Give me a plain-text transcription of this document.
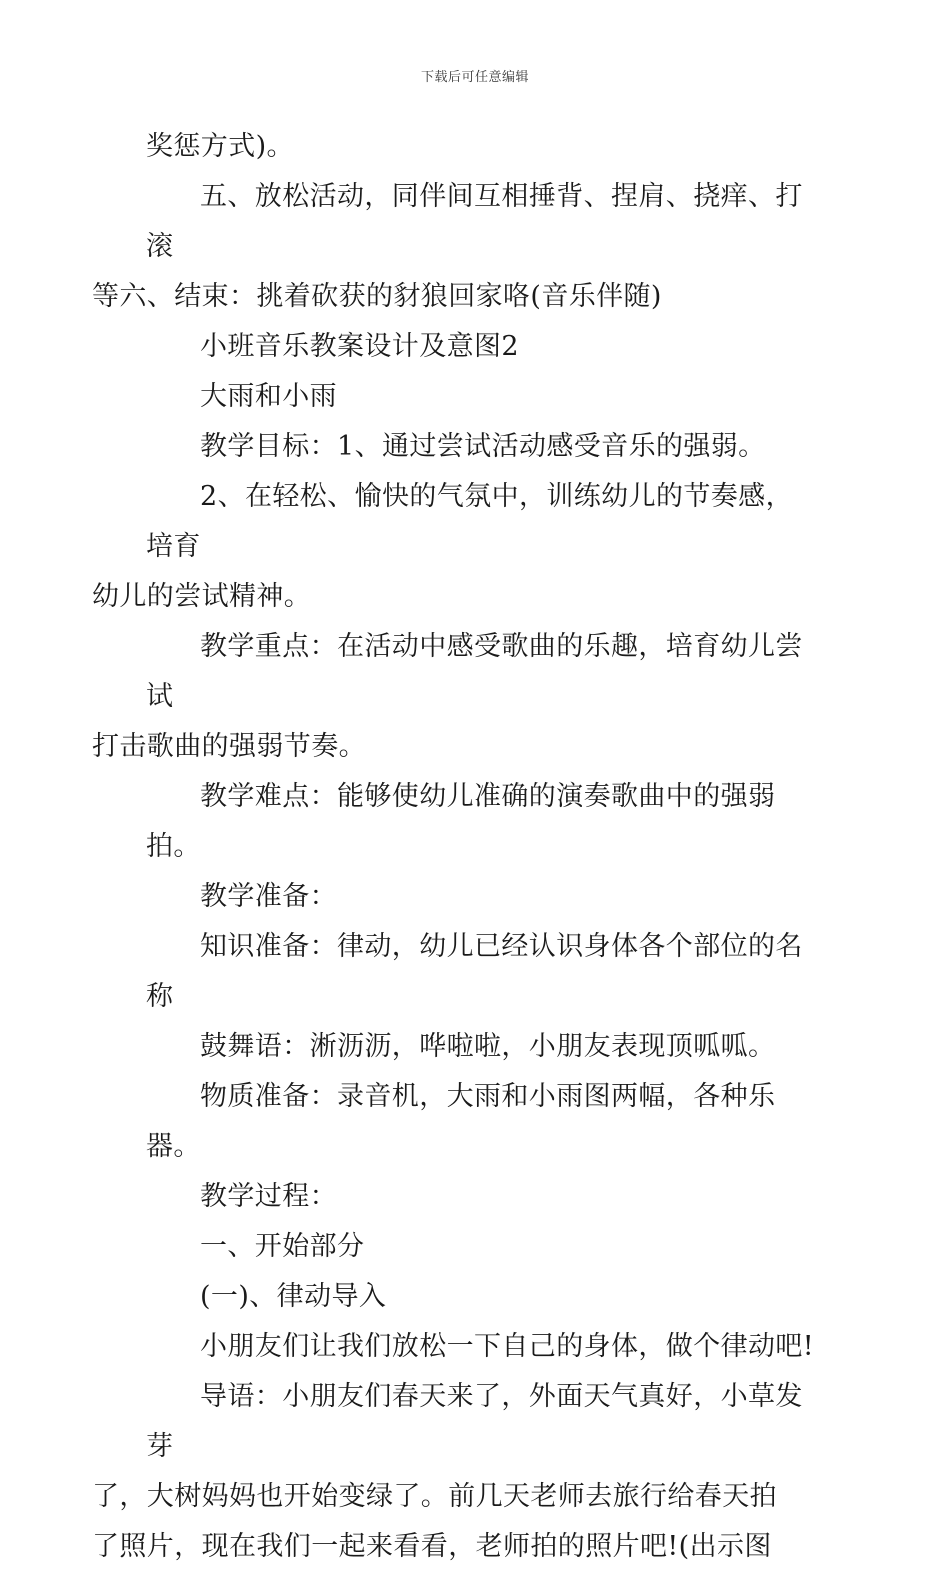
下载后可任意编辑

奖惩方式)。

五、放松活动，同伴间互相捶背、捏肩、挠痒、打滚
等六、结束：挑着砍获的豺狼回家咯(音乐伴随)

小班音乐教案设计及意图2

大雨和小雨

教学目标：1、通过尝试活动感受音乐的强弱。

2、在轻松、愉快的气氛中，训练幼儿的节奏感，培育
幼儿的尝试精神。

教学重点：在活动中感受歌曲的乐趣，培育幼儿尝试
打击歌曲的强弱节奏。

教学难点：能够使幼儿准确的演奏歌曲中的强弱拍。

教学准备：

知识准备：律动，幼儿已经认识身体各个部位的名称

鼓舞语：淅沥沥，哗啦啦，小朋友表现顶呱呱。

物质准备：录音机，大雨和小雨图两幅，各种乐器。

教学过程：

一、开始部分

(一)、律动导入

小朋友们让我们放松一下自己的身体，做个律动吧!

导语：小朋友们春天来了，外面天气真好，小草发芽
了，大树妈妈也开始变绿了。前几天老师去旅行给春天拍
了照片，现在我们一起来看看，老师拍的照片吧!(出示图
